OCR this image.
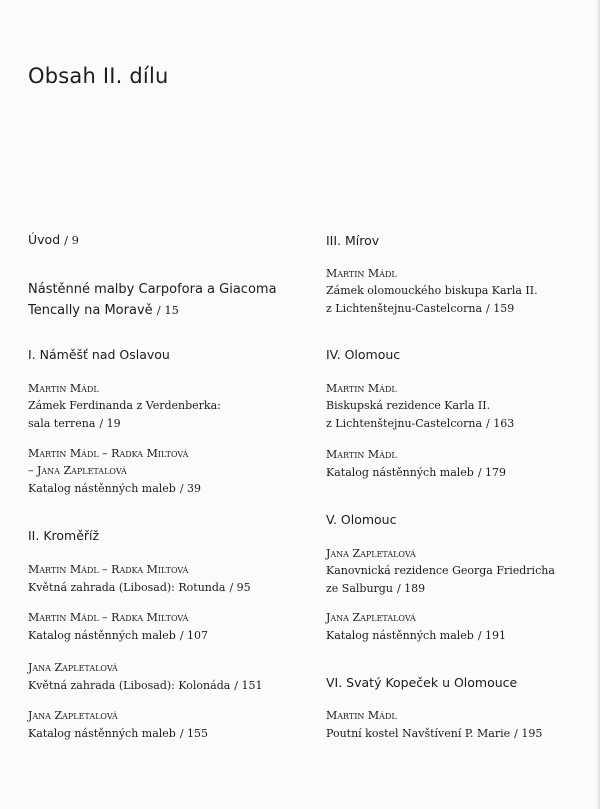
Obsah II. dílu
Úvod / 9
Nástěnné malby Carpofora a Giacoma
Tencally na Moravě / 15
I. Náměšť nad Oslavou
Martin Mádl
Zámek Ferdinanda z Verdenberka:
sala terrena / 19
Martin Mádl – Radka Miltová
– Jana Zapletalová
Katalog nástěnných maleb / 39
II. Kroměříž
Martin Mádl – Radka Miltová
Květná zahrada (Libosad): Rotunda / 95
Martin Mádl – Radka Miltová
Katalog nástěnných maleb / 107
Jana Zapletalová
Květná zahrada (Libosad): Kolonáda / 151
Jana Zapletalová
Katalog nástěnných maleb / 155
III. Mírov
Martin Mádl
Zámek olomouckého biskupa Karla II.
z Lichtenštejnu-Castelcorna / 159
IV. Olomouc
Martin Mádl
Biskupská rezidence Karla II.
z Lichtenštejnu-Castelcorna / 163
Martin Mádl
Katalog nástěnných maleb / 179
V. Olomouc
Jana Zapletalová
Kanovnická rezidence Georga Friedricha
ze Salburgu / 189
Jana Zapletalová
Katalog nástěnných maleb / 191
VI. Svatý Kopeček u Olomouce
Martin Mádl
Poutní kostel Navštívení P. Marie / 195
